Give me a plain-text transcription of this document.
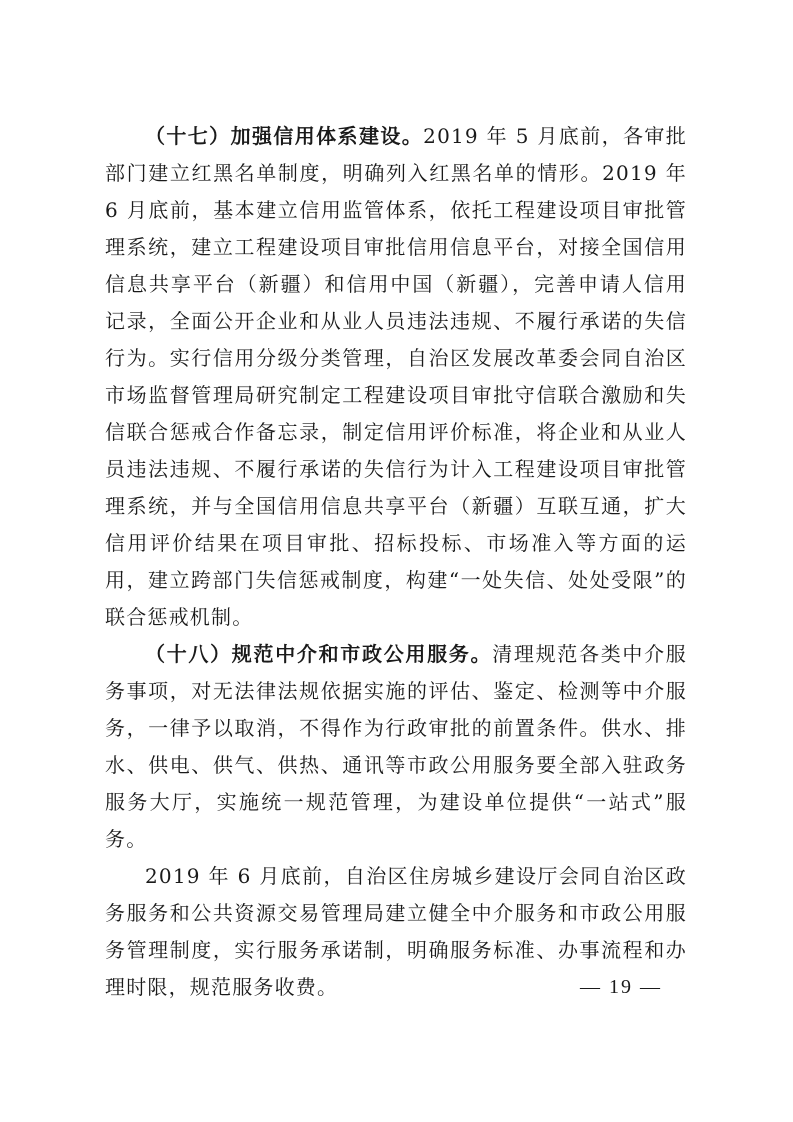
（十七）加强信用体系建设。2019 年 5 月底前，各审批部门建立红黑名单制度，明确列入红黑名单的情形。2019 年 6 月底前，基本建立信用监管体系，依托工程建设项目审批管理系统，建立工程建设项目审批信用信息平台，对接全国信用信息共享平台（新疆）和信用中国（新疆），完善申请人信用记录，全面公开企业和从业人员违法违规、不履行承诺的失信行为。实行信用分级分类管理，自治区发展改革委会同自治区市场监督管理局研究制定工程建设项目审批守信联合激励和失信联合惩戒合作备忘录，制定信用评价标准，将企业和从业人员违法违规、不履行承诺的失信行为计入工程建设项目审批管理系统，并与全国信用信息共享平台（新疆）互联互通，扩大信用评价结果在项目审批、招标投标、市场准入等方面的运用，建立跨部门失信惩戒制度，构建“一处失信、处处受限”的联合惩戒机制。

（十八）规范中介和市政公用服务。清理规范各类中介服务事项，对无法律法规依据实施的评估、鉴定、检测等中介服务，一律予以取消，不得作为行政审批的前置条件。供水、排水、供电、供气、供热、通讯等市政公用服务要全部入驻政务服务大厅，实施统一规范管理，为建设单位提供“一站式”服务。

2019 年 6 月底前，自治区住房城乡建设厅会同自治区政务服务和公共资源交易管理局建立健全中介服务和市政公用服务管理制度，实行服务承诺制，明确服务标准、办事流程和办理时限，规范服务收费。	— 19 —
